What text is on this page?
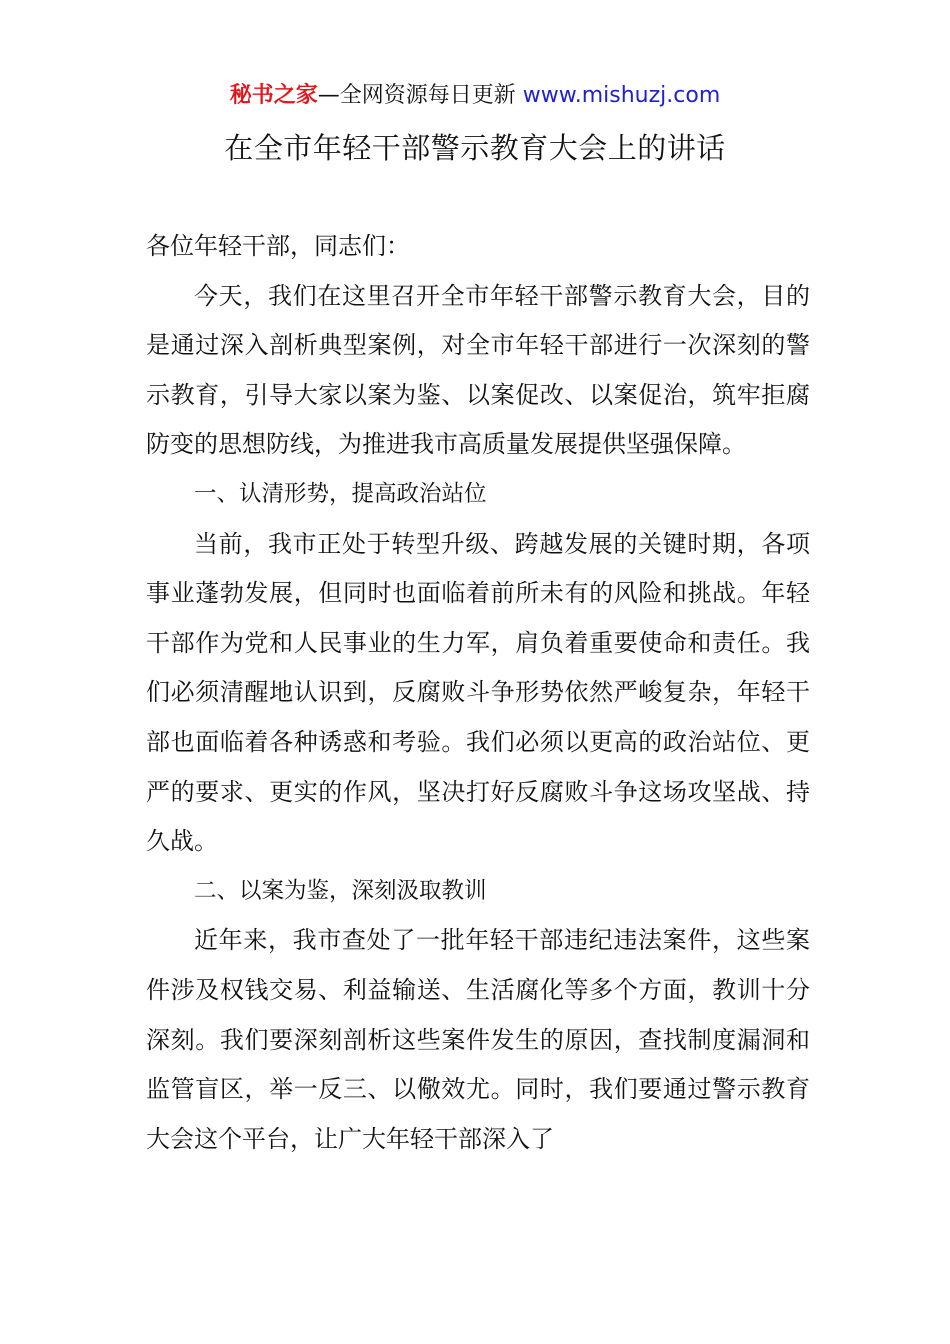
秘书之家—全网资源每日更新 www.mishuzj.com
在全市年轻干部警示教育大会上的讲话

各位年轻干部，同志们：

今天，我们在这里召开全市年轻干部警示教育大会，目的是通过深入剖析典型案例，对全市年轻干部进行一次深刻的警示教育，引导大家以案为鉴、以案促改、以案促治，筑牢拒腐防变的思想防线，为推进我市高质量发展提供坚强保障。

一、认清形势，提高政治站位

当前，我市正处于转型升级、跨越发展的关键时期，各项事业蓬勃发展，但同时也面临着前所未有的风险和挑战。年轻干部作为党和人民事业的生力军，肩负着重要使命和责任。我们必须清醒地认识到，反腐败斗争形势依然严峻复杂，年轻干部也面临着各种诱惑和考验。我们必须以更高的政治站位、更严的要求、更实的作风，坚决打好反腐败斗争这场攻坚战、持久战。

二、以案为鉴，深刻汲取教训

近年来，我市查处了一批年轻干部违纪违法案件，这些案件涉及权钱交易、利益输送、生活腐化等多个方面，教训十分深刻。我们要深刻剖析这些案件发生的原因，查找制度漏洞和监管盲区，举一反三、以儆效尤。同时，我们要通过警示教育大会这个平台，让广大年轻干部深入了
